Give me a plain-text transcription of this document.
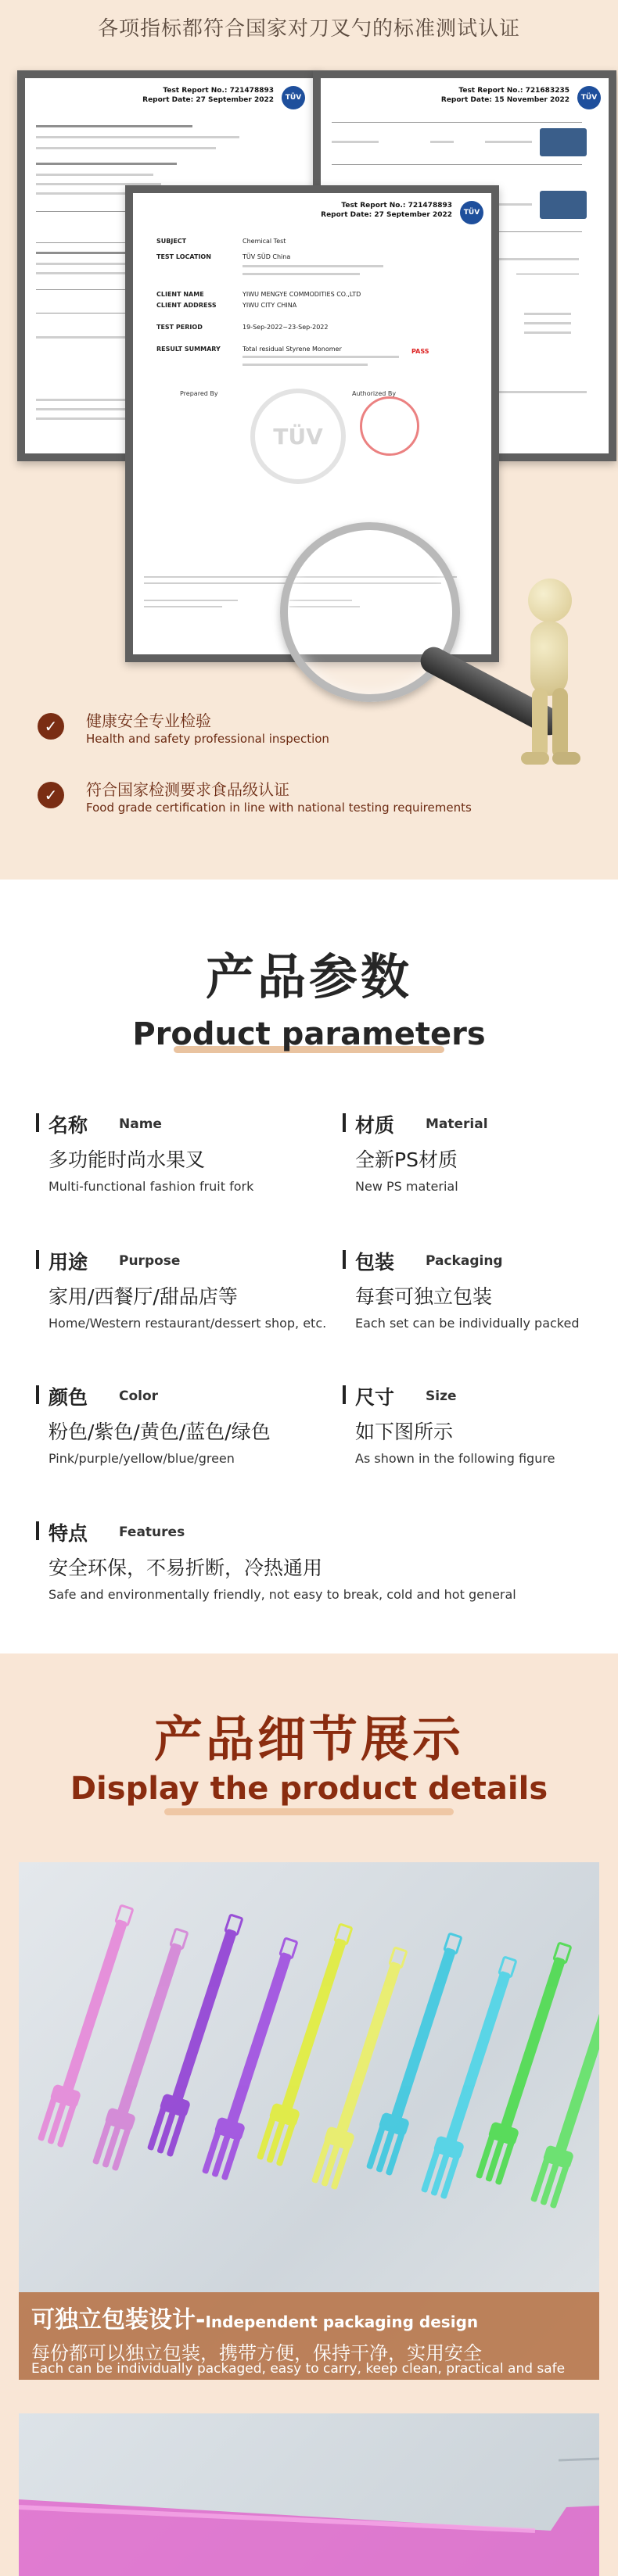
各项指标都符合国家对刀叉勺的标准测试认证
TÜV
Test Report No.: 721478893
Report Date: 27 September 2022	TÜV
Test Report No.: 721683235
Report Date: 15 November 2022
TÜV
Test Report No.: 721478893
Report Date: 27 September 2022
SUBJECT	Chemical Test
TEST LOCATION	TÜV SÜD China
CLIENT NAME	YIWU MENGYE COMMODITIES CO.,LTD
CLIENT ADDRESS	YIWU CITY CHINA
TEST PERIOD	19-Sep-2022~23-Sep-2022
RESULT SUMMARY	Total residual Styrene Monomer
TÜV
Prepared By	Authorized By
PASS
✓	健康安全专业检验
Health and safety professional inspection
✓	符合国家检测要求食品级认证
Food grade certification in line with national testing requirements
产品参数
Product parameters
名称 Name
多功能时尚水果叉
Multi-functional fashion fruit fork
材质 Material
全新PS材质
New PS material
用途 Purpose
家用/西餐厅/甜品店等
Home/Western restaurant/dessert shop, etc.
包装 Packaging
每套可独立包装
Each set can be individually packed
颜色 Color
粉色/紫色/黄色/蓝色/绿色
Pink/purple/yellow/blue/green
尺寸 Size
如下图所示
As shown in the following figure
特点 Features
安全环保，不易折断，冷热通用
Safe and environmentally friendly, not easy to break, cold and hot general
产品细节展示
Display the product details
可独立包装设计-Independent packaging design
每份都可以独立包装，携带方便，保持干净，实用安全
Each can be individually packaged, easy to carry, keep clean, practical and safe
